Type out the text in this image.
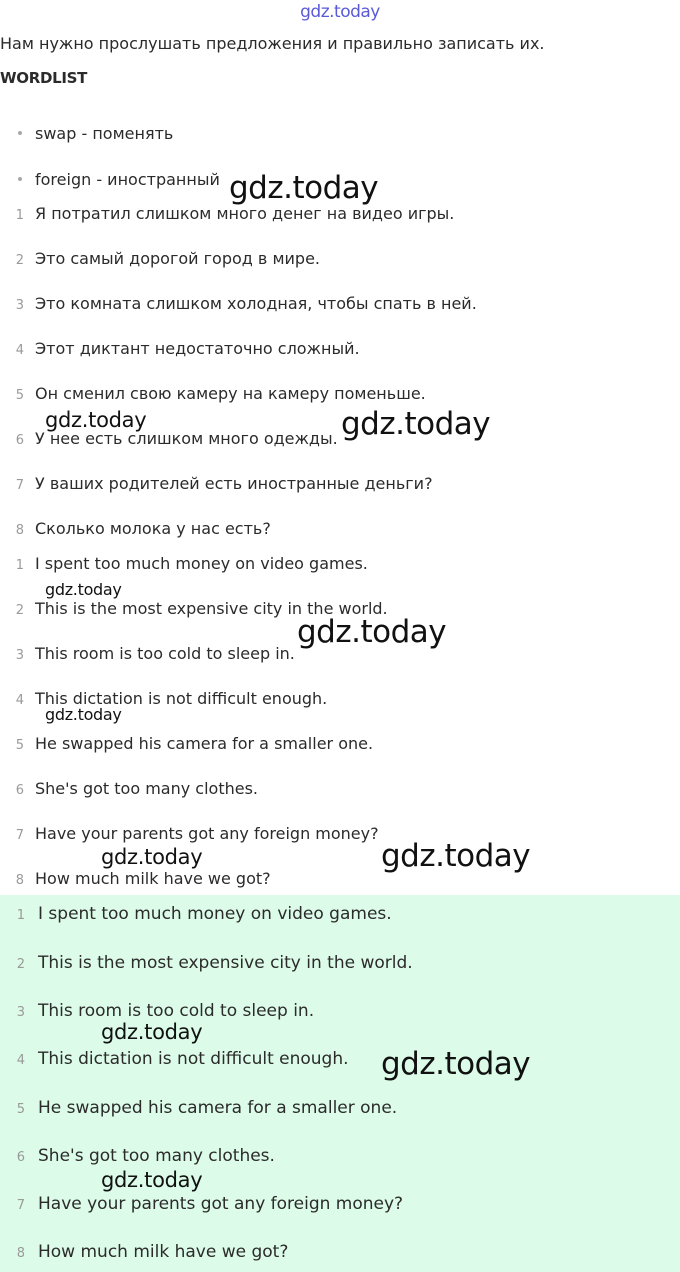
gdz.today
Нам нужно прослушать предложения и правильно записать их.
WORDLIST
swap - поменять
foreign - иностранный
1 Я потратил слишком много денег на видео игры.
2 Это самый дорогой город в мире.
3 Это комната слишком холодная, чтобы спать в ней.
4 Этот диктант недостаточно сложный.
5 Он сменил свою камеру на камеру поменьше.
6 У нее есть слишком много одежды.
7 У ваших родителей есть иностранные деньги?
8 Сколько молока у нас есть?
1 I spent too much money on video games.
2 This is the most expensive city in the world.
3 This room is too cold to sleep in.
4 This dictation is not difficult enough.
5 He swapped his camera for a smaller one.
6 She's got too many clothes.
7 Have your parents got any foreign money?
8 How much milk have we got?
1 I spent too much money on video games.
2 This is the most expensive city in the world.
3 This room is too cold to sleep in.
4 This dictation is not difficult enough.
5 He swapped his camera for a smaller one.
6 She's got too many clothes.
7 Have your parents got any foreign money?
8 How much milk have we got?
gdz.today
gdz.today	gdz.today
gdz.today
gdz.today
gdz.today
gdz.today	gdz.today
gdz.today
gdz.today
gdz.today
